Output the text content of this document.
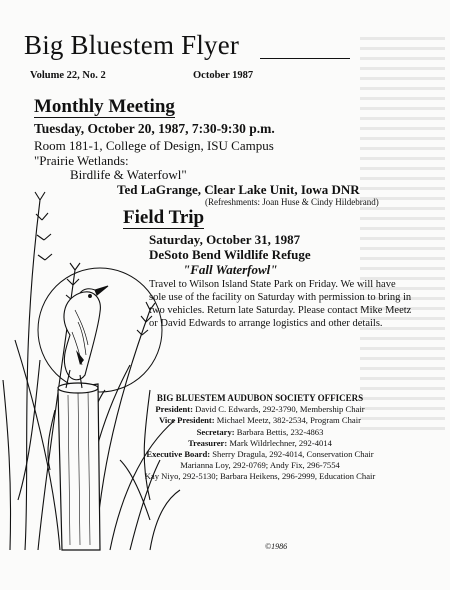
Big Bluestem Flyer
Volume 22, No. 2	October 1987
Monthly Meeting
Tuesday, October 20, 1987, 7:30-9:30 p.m.
Room 181-1, College of Design, ISU Campus
"Prairie Wetlands:
Birdlife & Waterfowl"
Ted LaGrange, Clear Lake Unit, Iowa DNR
(Refreshments: Joan Huse & Cindy Hildebrand)
Field Trip
Saturday, October 31, 1987
DeSoto Bend Wildlife Refuge
"Fall Waterfowl"
Travel to Wilson Island State Park on Friday. We will have sole use of the facility on Saturday with permission to bring in two vehicles. Return late Saturday. Please contact Mike Meetz or David Edwards to arrange logistics and other details.
©1986
BIG BLUESTEM AUDUBON SOCIETY OFFICERS
President: David C. Edwards, 292-3790, Membership Chair
Vice President: Michael Meetz, 382-2534, Program Chair
Secretary: Barbara Bettis, 232-4863
Treasurer: Mark Wildrlechner, 292-4014
Executive Board: Sherry Dragula, 292-4014, Conservation Chair
Marianna Loy, 292-0769; Andy Fix, 296-7554
Kay Niyo, 292-5130; Barbara Heikens, 296-2999, Education Chair
